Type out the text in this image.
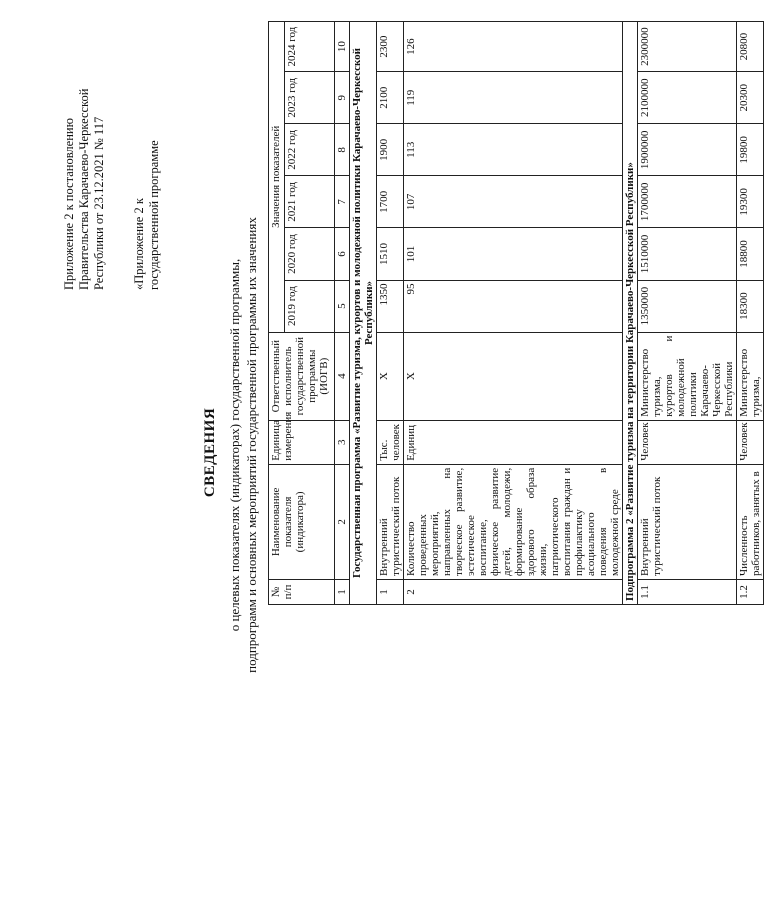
Приложение 2 к постановлению Правительства Карачаево-Черкесской Республики от 23.12.2021 № 117 «Приложение 2 к государственной программе
СВЕДЕНИЯ о целевых показателях (индикаторах) государственной программы, подпрограмм и основных мероприятий государственной программы их значениях № п/п	Наименование показателя (индикатора)	Единица измерения	Ответственный исполнитель государственной программы (ИОГВ)	Значения показателей					
				2019 год	2020 год	2021 год	2022 год	2023 год	2024 год
1	2	3	4	5	6	7	8	9	10
Государственная программа «Развитие туризма, курортов и молодежной политики Карачаево-Черкесской Республики»									
1	Внутренний туристический поток	Тыс. человек	Х	1350	1510	1700	1900	2100	2300
2	Количество проведенных мероприятий, направленных на творческое развитие, эстетическое воспитание, физическое развитие детей, молодежи, формирование здорового образа жизни, патриотического воспитания граждан и профилактику асоциального поведения в молодежной среде	Единиц	Х	95	101	107	113	119	126
Подпрограмма 2 «Развитие туризма на территории Карачаево-Черкесской Республики»									
1.1	Внутренний туристический поток	Человек	Министерство туризма, курортов и молодежной политики Карачаево-Черкесской Республики	1350000	1510000	1700000	1900000	2100000	2300000
1.2	Численность работников, занятых в	Человек	Министерство туризма,	18300	18800	19300	19800	20300	20800
